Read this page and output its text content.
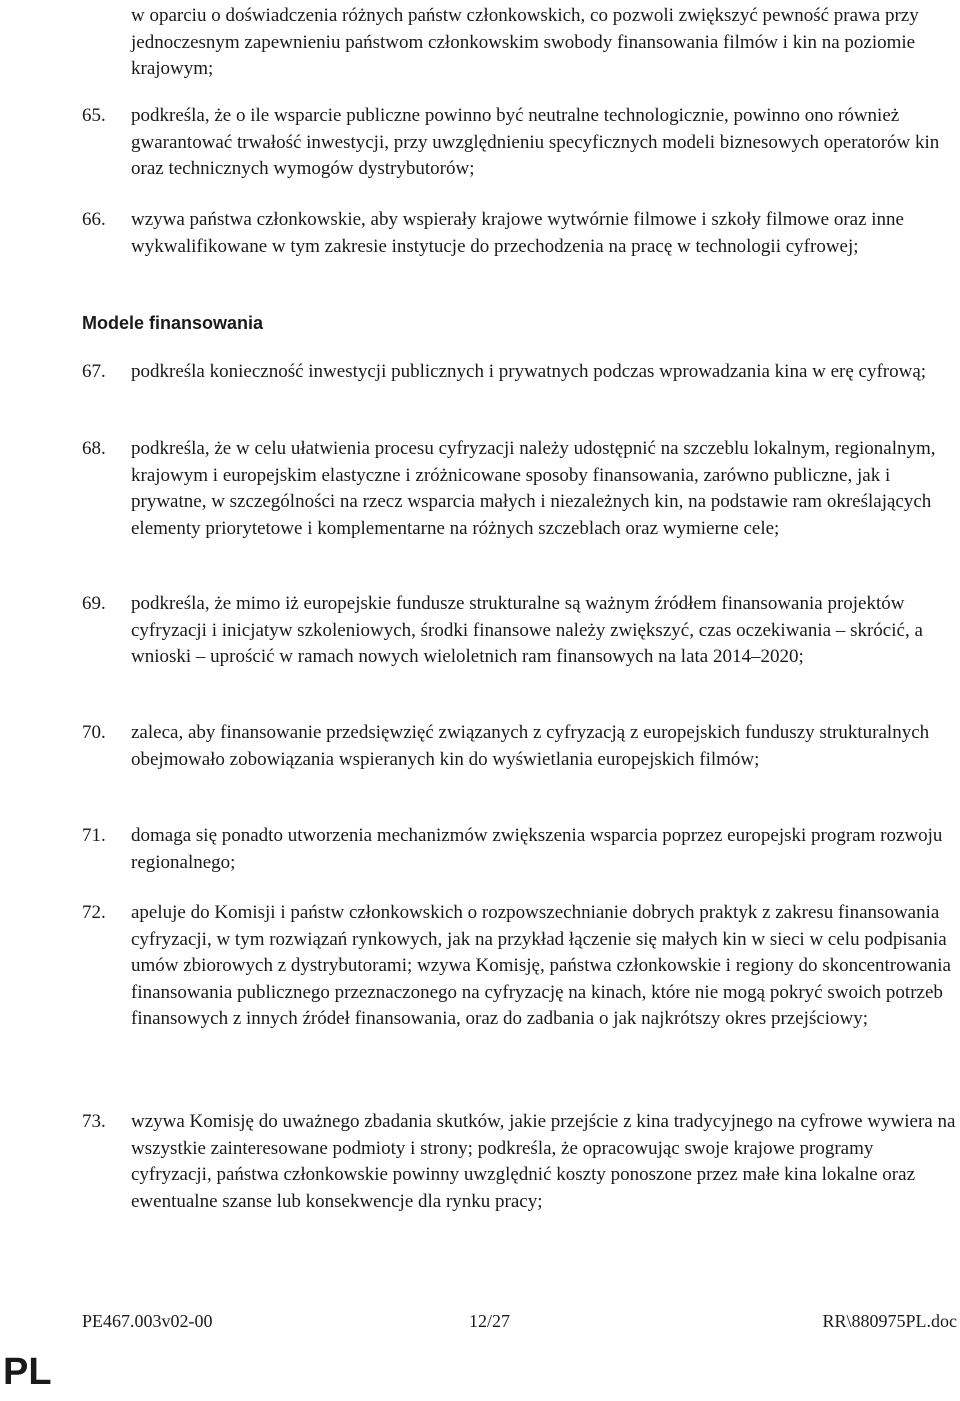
w oparciu o doświadczenia różnych państw członkowskich, co pozwoli zwiększyć pewność prawa przy jednoczesnym zapewnieniu państwom członkowskim swobody finansowania filmów i kin na poziomie krajowym;
65.	podkreśla, że o ile wsparcie publiczne powinno być neutralne technologicznie, powinno ono również gwarantować trwałość inwestycji, przy uwzględnieniu specyficznych modeli biznesowych operatorów kin oraz technicznych wymogów dystrybutorów;
66.	wzywa państwa członkowskie, aby wspierały krajowe wytwórnie filmowe i szkoły filmowe oraz inne wykwalifikowane w tym zakresie instytucje do przechodzenia na pracę w technologii cyfrowej;
Modele finansowania
67.	podkreśla konieczność inwestycji publicznych i prywatnych podczas wprowadzania kina w erę cyfrową;
68.	podkreśla, że w celu ułatwienia procesu cyfryzacji należy udostępnić na szczeblu lokalnym, regionalnym, krajowym i europejskim elastyczne i zróżnicowane sposoby finansowania, zarówno publiczne, jak i prywatne, w szczególności na rzecz wsparcia małych i niezależnych kin, na podstawie ram określających elementy priorytetowe i komplementarne na różnych szczeblach oraz wymierne cele;
69.	podkreśla, że mimo iż europejskie fundusze strukturalne są ważnym źródłem finansowania projektów cyfryzacji i inicjatyw szkoleniowych, środki finansowe należy zwiększyć, czas oczekiwania – skrócić, a wnioski – uprościć w ramach nowych wieloletnich ram finansowych na lata 2014–2020;
70.	zaleca, aby finansowanie przedsięwzięć związanych z cyfryzacją z europejskich funduszy strukturalnych obejmowało zobowiązania wspieranych kin do wyświetlania europejskich filmów;
71.	domaga się ponadto utworzenia mechanizmów zwiększenia wsparcia poprzez europejski program rozwoju regionalnego;
72.	apeluje do Komisji i państw członkowskich o rozpowszechnianie dobrych praktyk z zakresu finansowania cyfryzacji, w tym rozwiązań rynkowych, jak na przykład łączenie się małych kin w sieci w celu podpisania umów zbiorowych z dystrybutorami; wzywa Komisję, państwa członkowskie i regiony do skoncentrowania finansowania publicznego przeznaczonego na cyfryzację na kinach, które nie mogą pokryć swoich potrzeb finansowych z innych źródeł finansowania, oraz do zadbania o jak najkrótszy okres przejściowy;
73.	wzywa Komisję do uważnego zbadania skutków, jakie przejście z kina tradycyjnego na cyfrowe wywiera na wszystkie zainteresowane podmioty i strony; podkreśla, że opracowując swoje krajowe programy cyfryzacji, państwa członkowskie powinny uwzględnić koszty ponoszone przez małe kina lokalne oraz ewentualne szanse lub konsekwencje dla rynku pracy;
PE467.003v02-00	12/27	RR\880975PL.doc
PL
